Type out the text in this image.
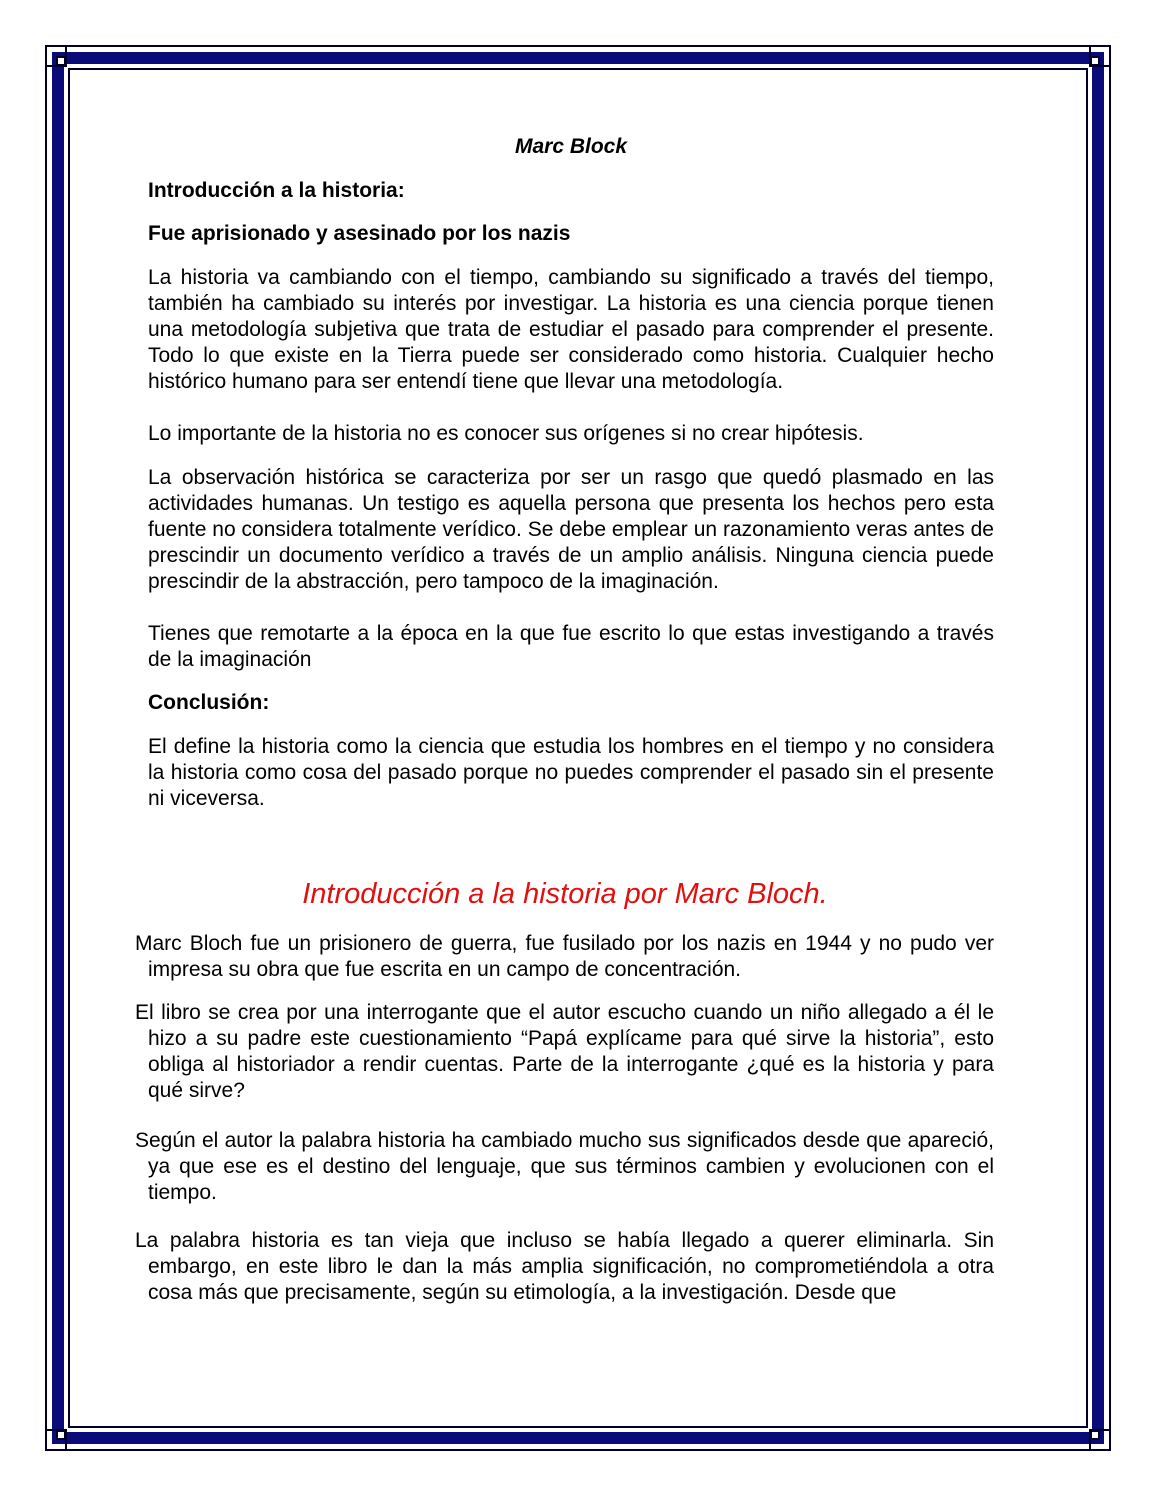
Marc Block
Introducción a la historia:
Fue aprisionado y asesinado por los nazis
La historia va cambiando con el tiempo, cambiando su significado a través del tiempo, también ha cambiado su interés por investigar. La historia es una ciencia porque tienen una metodología subjetiva que trata de estudiar el pasado para comprender el presente. Todo lo que existe en la Tierra puede ser considerado como historia. Cualquier hecho histórico humano para ser entendí tiene que llevar una metodología.
Lo importante de la historia no es conocer sus orígenes si no crear hipótesis.
La observación histórica se caracteriza por ser un rasgo que quedó plasmado en las actividades humanas. Un testigo es aquella persona que presenta los hechos pero esta fuente no considera totalmente verídico. Se debe emplear un razonamiento veras antes de prescindir un documento verídico a través de un amplio análisis. Ninguna ciencia puede prescindir de la abstracción, pero tampoco de la imaginación.
Tienes que remotarte a la época en la que fue escrito lo que estas investigando a través de la imaginación
Conclusión:
El define la historia como la ciencia que estudia los hombres en el tiempo y no considera la historia como cosa del pasado porque no puedes comprender el pasado sin el presente ni viceversa.
Introducción a la historia por Marc Bloch.
Marc Bloch fue un prisionero de guerra, fue fusilado por los nazis en 1944 y no pudo ver impresa su obra que fue escrita en un campo de concentración.
El libro se crea por una interrogante que el autor escucho cuando un niño allegado a él le hizo a su padre este cuestionamiento “Papá explícame para qué sirve la historia”, esto obliga al historiador a rendir cuentas. Parte de la interrogante ¿qué es la historia y para qué sirve?
Según el autor la palabra historia ha cambiado mucho sus significados desde que apareció, ya que ese es el destino del lenguaje, que sus términos cambien y evolucionen con el tiempo.
La palabra historia es tan vieja que incluso se había llegado a querer eliminarla. Sin embargo, en este libro le dan la más amplia significación, no comprometiéndola a otra cosa más que precisamente, según su etimología, a la investigación. Desde que
